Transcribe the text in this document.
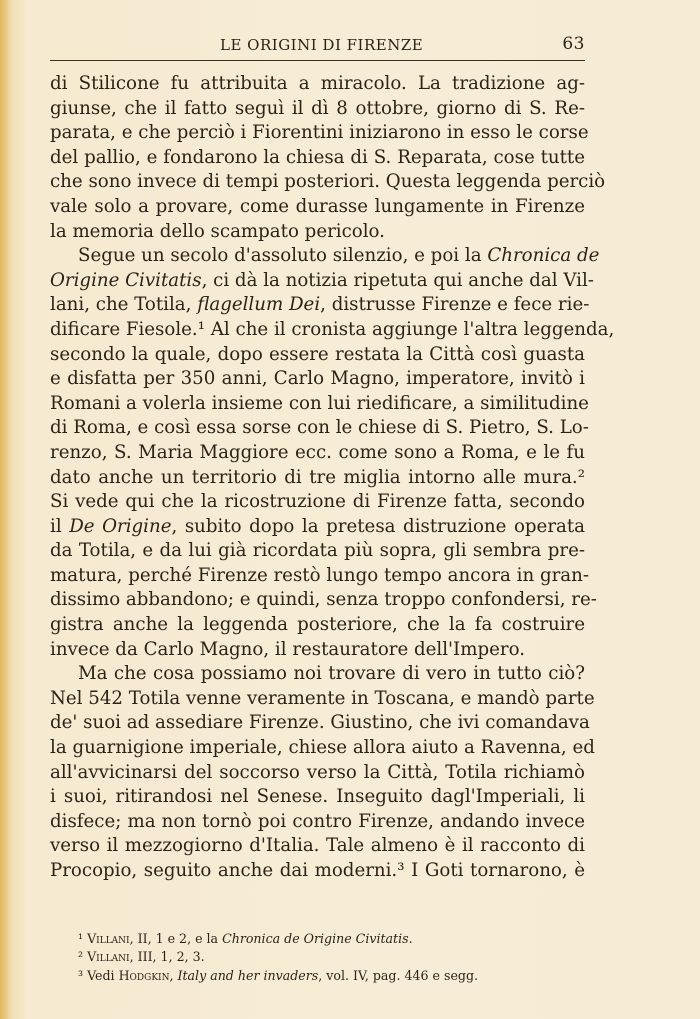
LE ORIGINI DI FIRENZE	63
di Stilicone fu attribuita a miracolo. La tradizione ag-
giunse, che il fatto seguì il dì 8 ottobre, giorno di S. Re-
parata, e che perciò i Fiorentini iniziarono in esso le corse
del pallio, e fondarono la chiesa di S. Reparata, cose tutte
che sono invece di tempi posteriori. Questa leggenda perciò
vale solo a provare, come durasse lungamente in Firenze
la memoria dello scampato pericolo.
Segue un secolo d'assoluto silenzio, e poi la Chronica de
Origine Civitatis, ci dà la notizia ripetuta qui anche dal Vil-
lani, che Totila, flagellum Dei, distrusse Firenze e fece rie-
dificare Fiesole.¹ Al che il cronista aggiunge l'altra leggenda,
secondo la quale, dopo essere restata la Città così guasta
e disfatta per 350 anni, Carlo Magno, imperatore, invitò i
Romani a volerla insieme con lui riedificare, a similitudine
di Roma, e così essa sorse con le chiese di S. Pietro, S. Lo-
renzo, S. Maria Maggiore ecc. come sono a Roma, e le fu
dato anche un territorio di tre miglia intorno alle mura.²
Si vede qui che la ricostruzione di Firenze fatta, secondo
il De Origine, subito dopo la pretesa distruzione operata
da Totila, e da lui già ricordata più sopra, gli sembra pre-
matura, perché Firenze restò lungo tempo ancora in gran-
dissimo abbandono; e quindi, senza troppo confondersi, re-
gistra anche la leggenda posteriore, che la fa costruire
invece da Carlo Magno, il restauratore dell'Impero.
Ma che cosa possiamo noi trovare di vero in tutto ciò?
Nel 542 Totila venne veramente in Toscana, e mandò parte
de' suoi ad assediare Firenze. Giustino, che ivi comandava
la guarnigione imperiale, chiese allora aiuto a Ravenna, ed
all'avvicinarsi del soccorso verso la Città, Totila richiamò
i suoi, ritirandosi nel Senese. Inseguito dagl'Imperiali, li
disfece; ma non tornò poi contro Firenze, andando invece
verso il mezzogiorno d'Italia. Tale almeno è il racconto di
Procopio, seguito anche dai moderni.³ I Goti tornarono, è
¹ Villani, II, 1 e 2, e la Chronica de Origine Civitatis.
² Villani, III, 1, 2, 3.
³ Vedi Hodgkin, Italy and her invaders, vol. IV, pag. 446 e segg.
